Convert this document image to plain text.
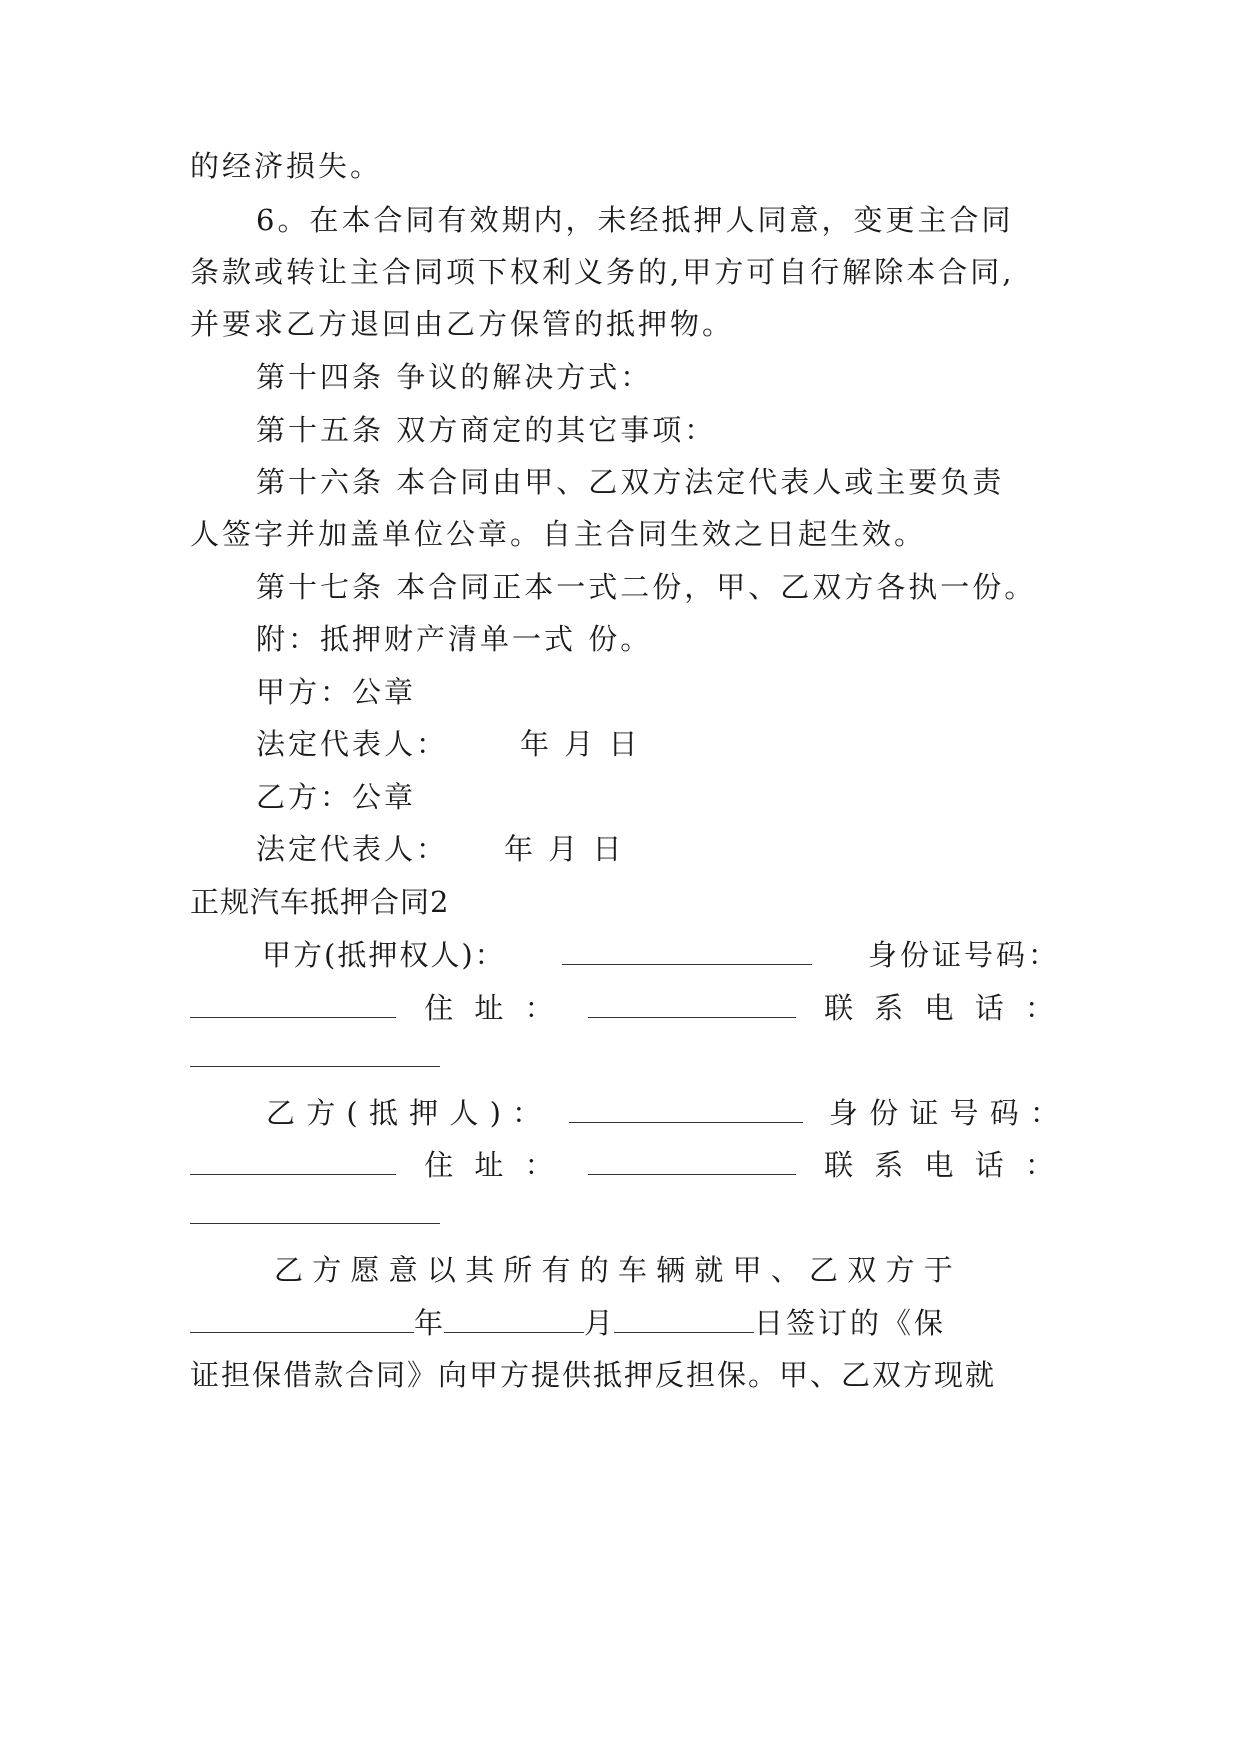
的经济损失。
6。在本合同有效期内，未经抵押人同意，变更主合同
条款或转让主合同项下权利义务的,甲方可自行解除本合同,
并要求乙方退回由乙方保管的抵押物。
第十四条 争议的解决方式：
第十五条 双方商定的其它事项：
第十六条 本合同由甲、乙双方法定代表人或主要负责
人签字并加盖单位公章。自主合同生效之日起生效。
第十七条 本合同正本一式二份，甲、乙双方各执一份。
附：抵押财产清单一式 份。
甲方：公章
法定代表人： 年 月 日
乙方：公章
法定代表人： 年 月 日
正规汽车抵押合同2
甲方(抵押权人)：	身份证号码：
住 址 ：	联 系 电 话 ：
乙 方 ( 抵 押 人 ) ：	身 份 证 号 码 ：
住 址 ：	联 系 电 话 ：
乙 方 愿 意 以 其 所 有 的 车 辆 就 甲 、 乙 双 方 于
年	月	日签订的《保
证担保借款合同》向甲方提供抵押反担保。甲、乙双方现就
